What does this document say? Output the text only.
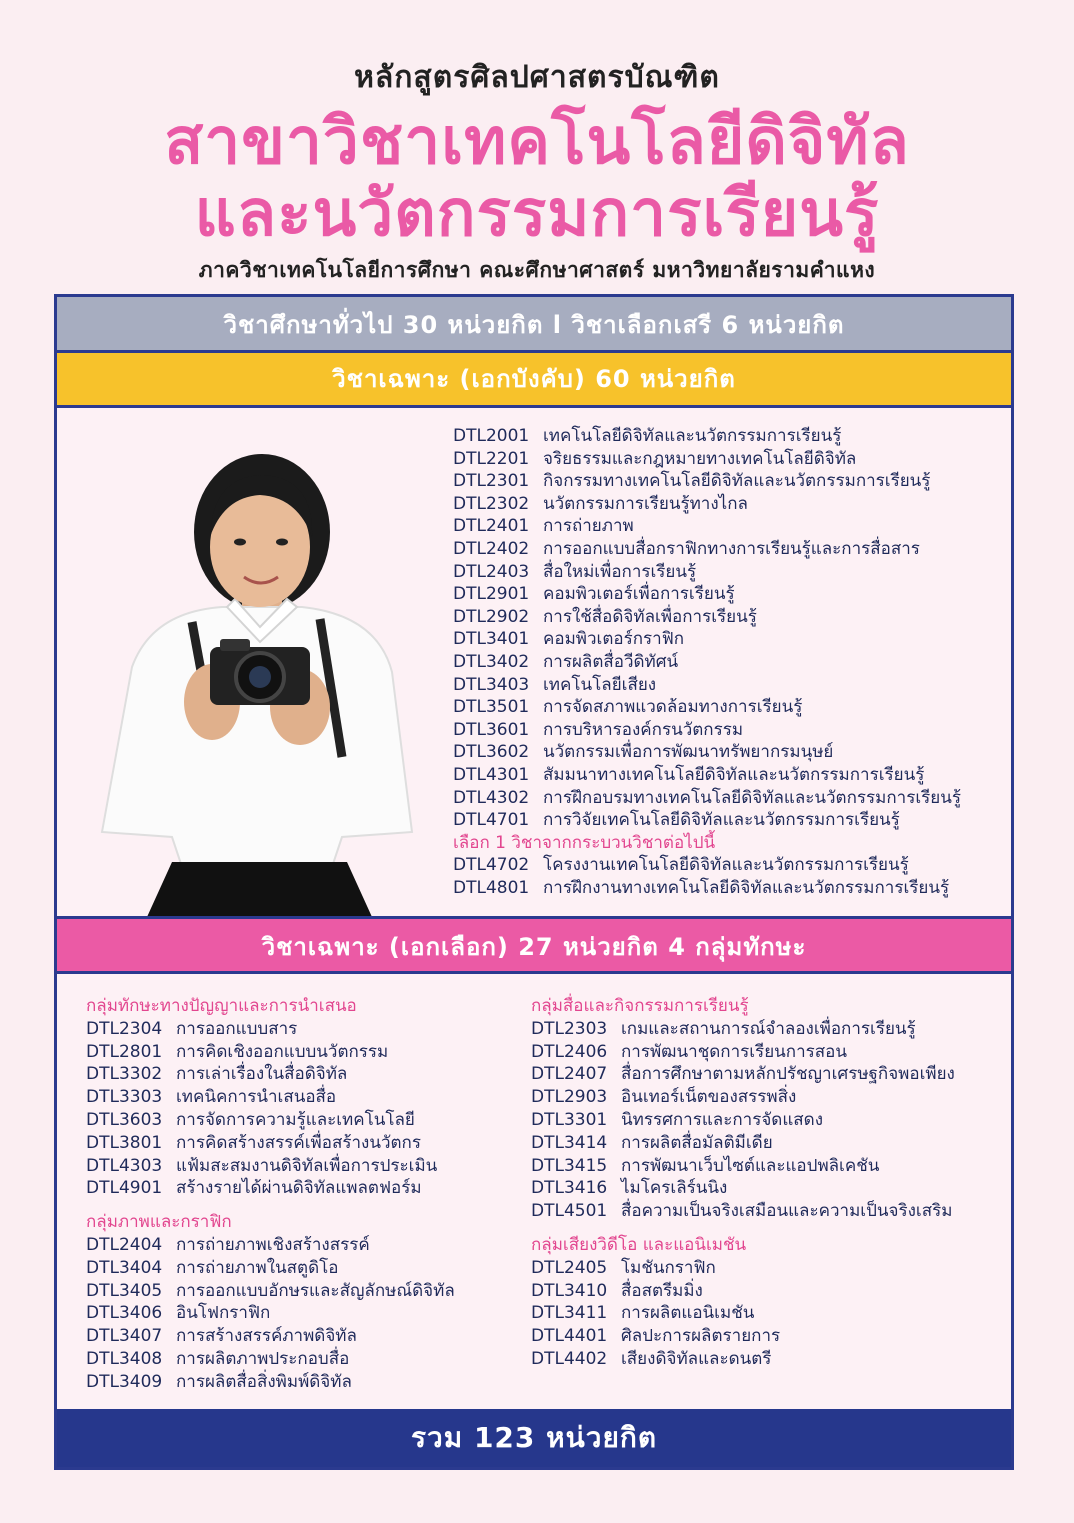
หลักสูตรศิลปศาสตรบัณฑิต

สาขาวิชาเทคโนโลยีดิจิทัล

และนวัตกรรมการเรียนรู้

ภาควิชาเทคโนโลยีการศึกษา คณะศึกษาศาสตร์ มหาวิทยาลัยรามคำแหง

วิชาศึกษาทั่วไป 30 หน่วยกิต l วิชาเลือกเสรี 6 หน่วยกิต
วิชาเฉพาะ (เอกบังคับ) 60 หน่วยกิต
DTL2001 เทคโนโลยีดิจิทัลและนวัตกรรมการเรียนรู้
DTL2201 จริยธรรมและกฎหมายทางเทคโนโลยีดิจิทัล
DTL2301 กิจกรรมทางเทคโนโลยีดิจิทัลและนวัตกรรมการเรียนรู้
DTL2302 นวัตกรรมการเรียนรู้ทางไกล
DTL2401 การถ่ายภาพ
DTL2402 การออกแบบสื่อกราฟิกทางการเรียนรู้และการสื่อสาร
DTL2403 สื่อใหม่เพื่อการเรียนรู้
DTL2901 คอมพิวเตอร์เพื่อการเรียนรู้
DTL2902 การใช้สื่อดิจิทัลเพื่อการเรียนรู้
DTL3401 คอมพิวเตอร์กราฟิก
DTL3402 การผลิตสื่อวีดิทัศน์
DTL3403 เทคโนโลยีเสียง
DTL3501 การจัดสภาพแวดล้อมทางการเรียนรู้
DTL3601 การบริหารองค์กรนวัตกรรม
DTL3602 นวัตกรรมเพื่อการพัฒนาทรัพยากรมนุษย์
DTL4301 สัมมนาทางเทคโนโลยีดิจิทัลและนวัตกรรมการเรียนรู้
DTL4302 การฝึกอบรมทางเทคโนโลยีดิจิทัลและนวัตกรรมการเรียนรู้
DTL4701 การวิจัยเทคโนโลยีดิจิทัลและนวัตกรรมการเรียนรู้
เลือก 1 วิชาจากกระบวนวิชาต่อไปนี้
DTL4702 โครงงานเทคโนโลยีดิจิทัลและนวัตกรรมการเรียนรู้
DTL4801 การฝึกงานทางเทคโนโลยีดิจิทัลและนวัตกรรมการเรียนรู้
วิชาเฉพาะ (เอกเลือก) 27 หน่วยกิต 4 กลุ่มทักษะ
กลุ่มทักษะทางปัญญาและการนำเสนอ
DTL2304 การออกแบบสาร
DTL2801 การคิดเชิงออกแบบนวัตกรรม
DTL3302 การเล่าเรื่องในสื่อดิจิทัล
DTL3303 เทคนิคการนำเสนอสื่อ
DTL3603 การจัดการความรู้และเทคโนโลยี
DTL3801 การคิดสร้างสรรค์เพื่อสร้างนวัตกร
DTL4303 แฟ้มสะสมงานดิจิทัลเพื่อการประเมิน
DTL4901 สร้างรายได้ผ่านดิจิทัลแพลตฟอร์ม
กลุ่มภาพและกราฟิก
DTL2404 การถ่ายภาพเชิงสร้างสรรค์
DTL3404 การถ่ายภาพในสตูดิโอ
DTL3405 การออกแบบอักษรและสัญลักษณ์ดิจิทัล
DTL3406 อินโฟกราฟิก
DTL3407 การสร้างสรรค์ภาพดิจิทัล
DTL3408 การผลิตภาพประกอบสื่อ
DTL3409 การผลิตสื่อสิ่งพิมพ์ดิจิทัล
กลุ่มสื่อและกิจกรรมการเรียนรู้
DTL2303 เกมและสถานการณ์จำลองเพื่อการเรียนรู้
DTL2406 การพัฒนาชุดการเรียนการสอน
DTL2407 สื่อการศึกษาตามหลักปรัชญาเศรษฐกิจพอเพียง
DTL2903 อินเทอร์เน็ตของสรรพสิ่ง
DTL3301 นิทรรศการและการจัดแสดง
DTL3414 การผลิตสื่อมัลติมีเดีย
DTL3415 การพัฒนาเว็บไซต์และแอปพลิเคชัน
DTL3416 ไมโครเลิร์นนิง
DTL4501 สื่อความเป็นจริงเสมือนและความเป็นจริงเสริม
กลุ่มเสียงวิดีโอ และแอนิเมชัน
DTL2405 โมชันกราฟิก
DTL3410 สื่อสตรีมมิ่ง
DTL3411 การผลิตแอนิเมชัน
DTL4401 ศิลปะการผลิตรายการ
DTL4402 เสียงดิจิทัลและดนตรี
รวม 123 หน่วยกิต
